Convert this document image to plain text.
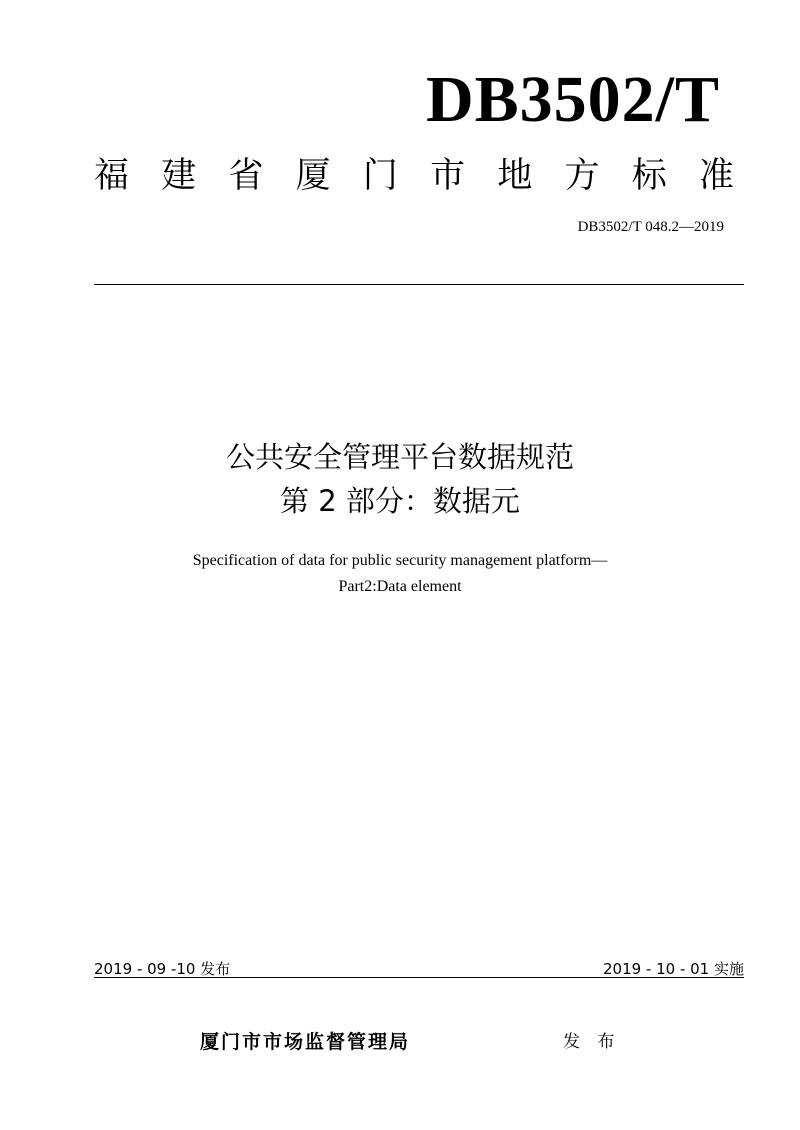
DB3502/T
福 建 省 厦 门 市 地 方 标 准
DB3502/T 048.2—2019
公共安全管理平台数据规范
第 2 部分：数据元
Specification of data for public security management platform—
Part2:Data element
2019 - 09 -10 发布	2019 - 10 - 01 实施
厦门市市场监督管理局	发 布
